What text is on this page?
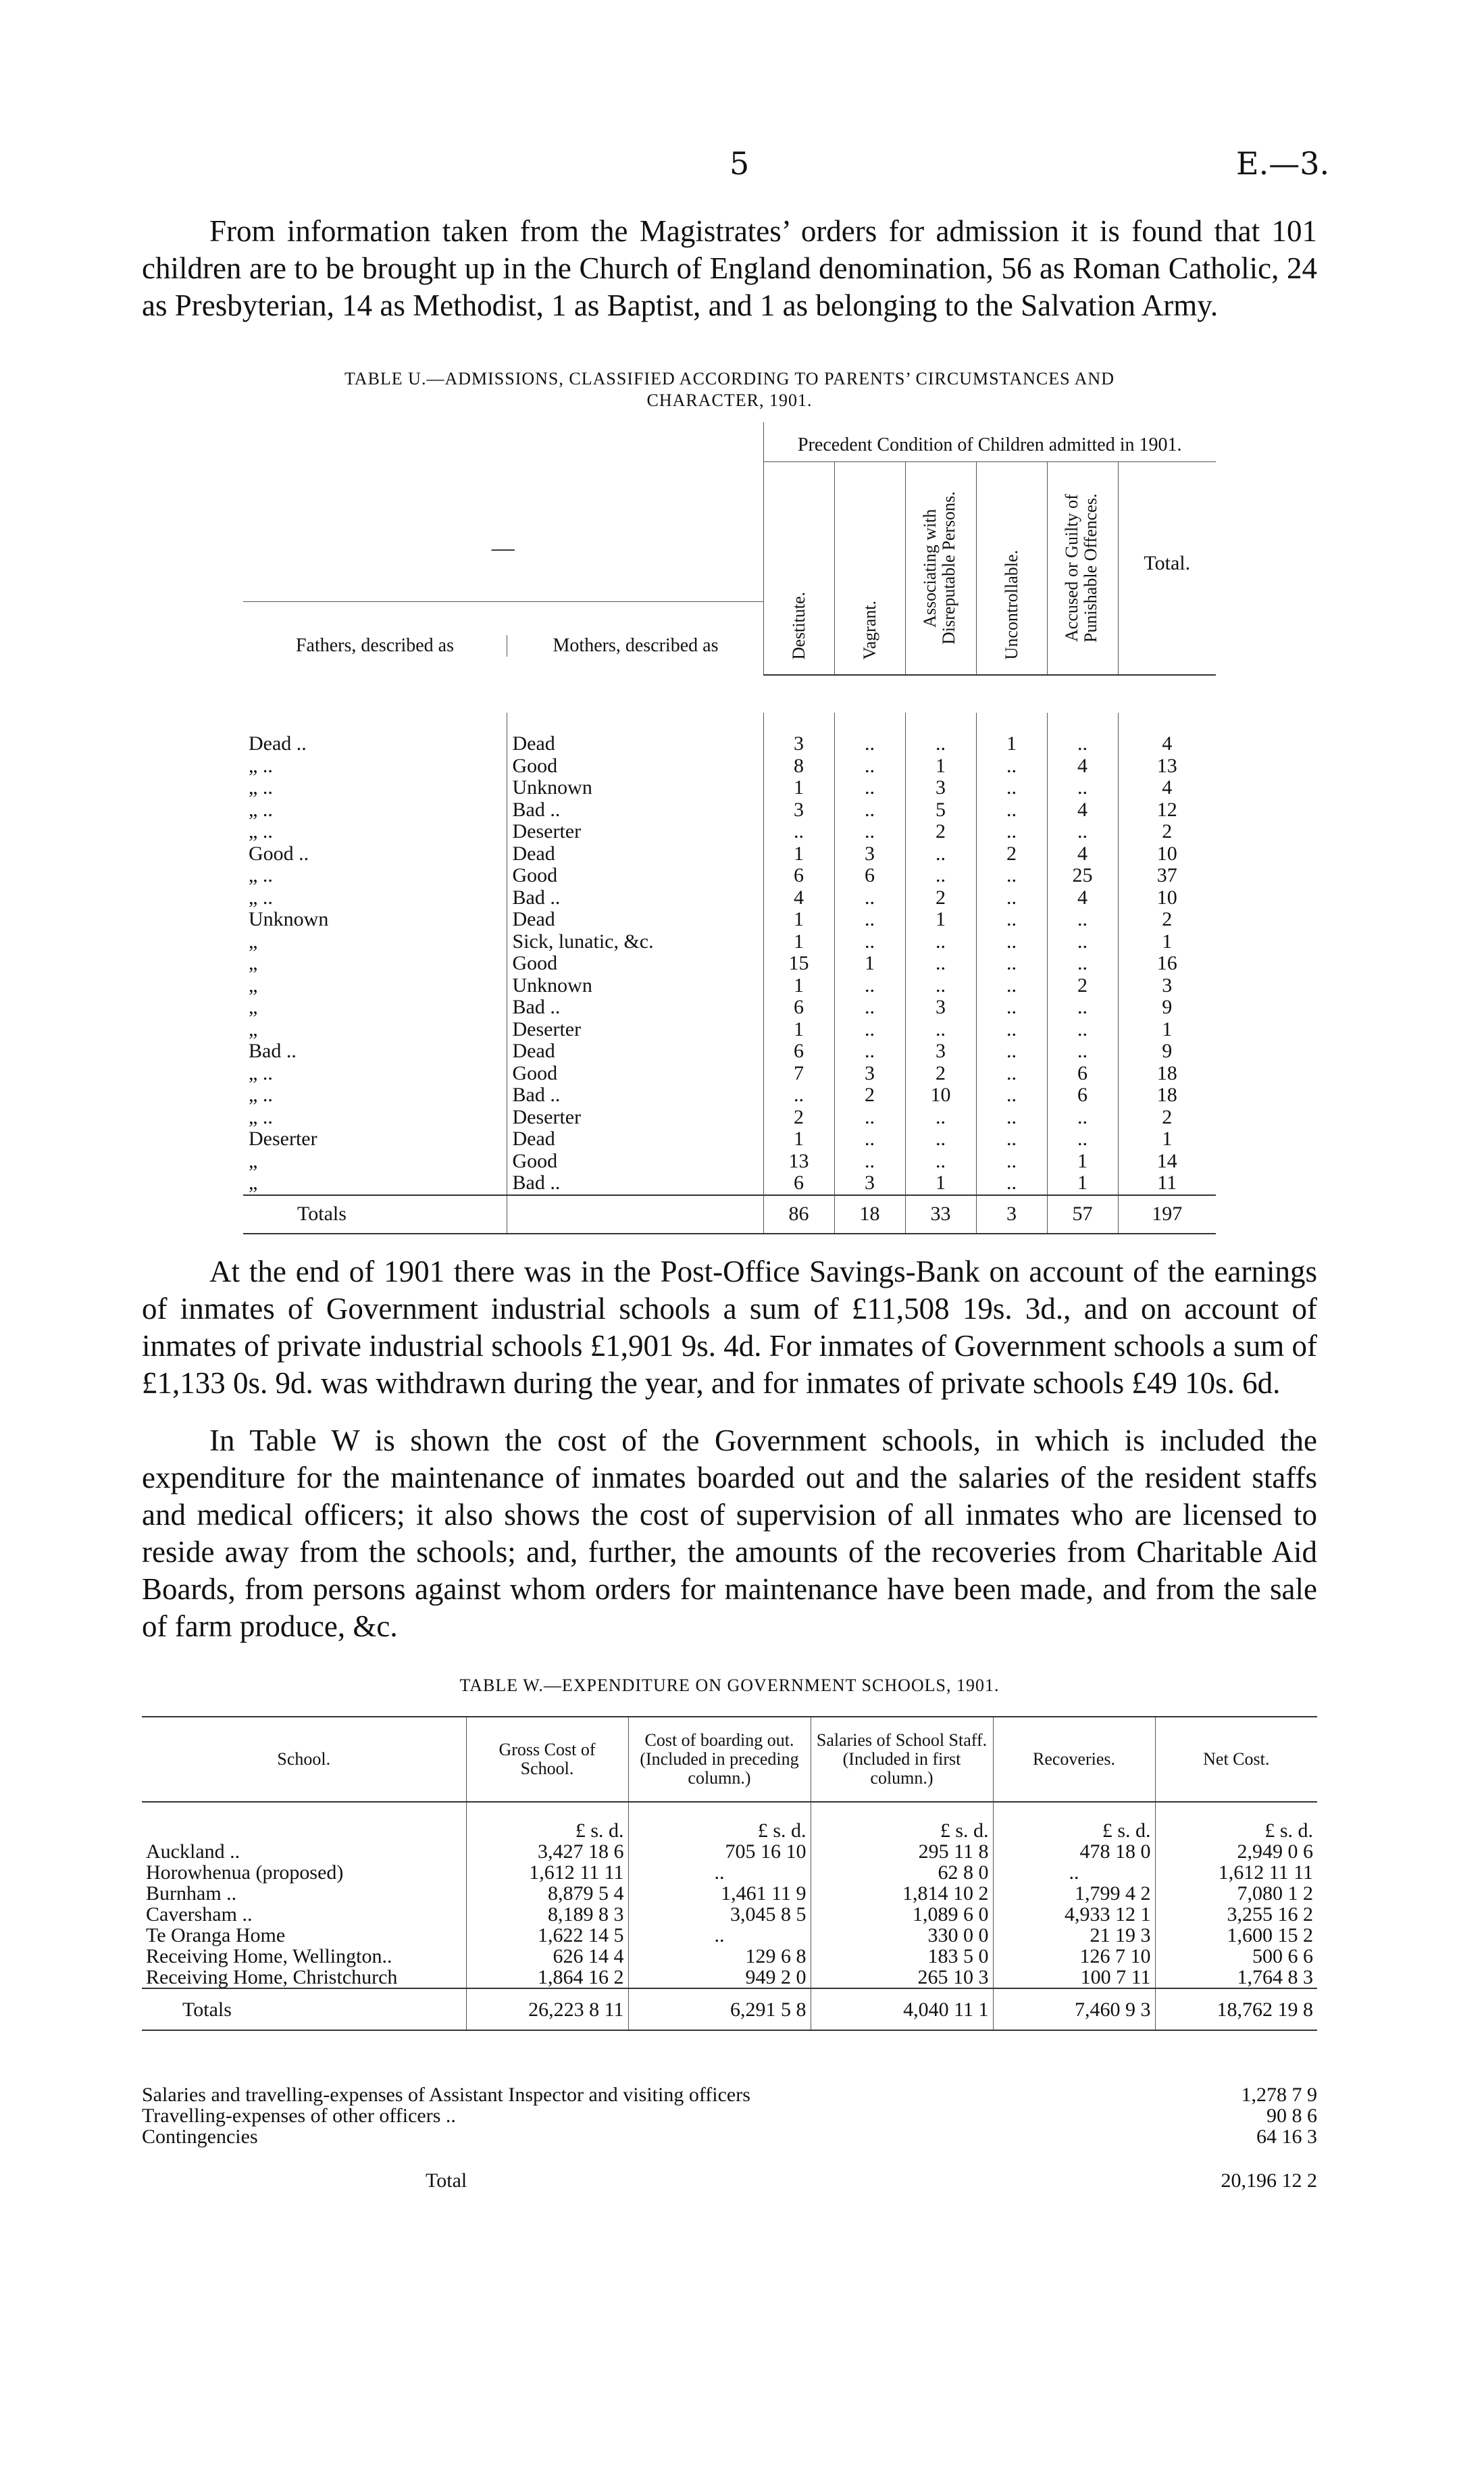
5	E.—3.
From information taken from the Magistrates’ orders for admission it is found that 101 children are to be brought up in the Church of England denomination, 56 as Roman Catholic, 24 as Presbyterian, 14 as Methodist, 1 as Baptist, and 1 as belonging to the Salvation Army.
TABLE U.—ADMISSIONS, CLASSIFIED ACCORDING TO PARENTS’ CIRCUMSTANCES AND
CHARACTER, 1901.
—	Precedent Condition of Children admitted in 1901.					
	Destitute.	Vagrant.	Associating with Disreputable Persons.	Uncontrollable.	Accused or Guilty of Punishable Offences.	Total.
Fathers, described as	Mothers, described as
Dead ..	Dead	3	..	..	1	..	4
„ ..	Good	8	..	1	..	4	13
„ ..	Unknown	1	..	3	..	..	4
„ ..	Bad ..	3	..	5	..	4	12
„ ..	Deserter	..	..	2	..	..	2
Good ..	Dead	1	3	..	2	4	10
„ ..	Good	6	6	..	..	25	37
„ ..	Bad ..	4	..	2	..	4	10
Unknown	Dead	1	..	1	..	..	2
„	Sick, lunatic, &c.	1	..	..	..	..	1
„	Good	15	1	..	..	..	16
„	Unknown	1	..	..	..	2	3
„	Bad ..	6	..	3	..	..	9
„	Deserter	1	..	..	..	..	1
Bad ..	Dead	6	..	3	..	..	9
„ ..	Good	7	3	2	..	6	18
„ ..	Bad ..	..	2	10	..	6	18
„ ..	Deserter	2	..	..	..	..	2
Deserter	Dead	1	..	..	..	..	1
„	Good	13	..	..	..	1	14
„	Bad ..	6	3	1	..	1	11
Totals		86	18	33	3	57	197
At the end of 1901 there was in the Post-Office Savings-Bank on account of the earnings of inmates of Government industrial schools a sum of £11,508 19s. 3d., and on account of inmates of private industrial schools £1,901 9s. 4d. For inmates of Government schools a sum of £1,133 0s. 9d. was withdrawn during the year, and for inmates of private schools £49 10s. 6d.
In Table W is shown the cost of the Government schools, in which is included the expenditure for the maintenance of inmates boarded out and the salaries of the resident staffs and medical officers; it also shows the cost of supervision of all inmates who are licensed to reside away from the schools; and, further, the amounts of the recoveries from Charitable Aid Boards, from persons against whom orders for maintenance have been made, and from the sale of farm produce, &c.
TABLE W.—EXPENDITURE ON GOVERNMENT SCHOOLS, 1901.
School.	Gross Cost of School.	Cost of boarding out. (Included in preceding column.)	Salaries of School Staff. (Included in first column.)	Recoveries.	Net Cost.
	£ s. d.	£ s. d.	£ s. d.	£ s. d.	£ s. d.
Auckland ..	3,427 18 6	705 16 10	295 11 8	478 18 0	2,949 0 6
Horowhenua (proposed)	1,612 11 11	..	62 8 0	..	1,612 11 11
Burnham ..	8,879 5 4	1,461 11 9	1,814 10 2	1,799 4 2	7,080 1 2
Caversham ..	8,189 8 3	3,045 8 5	1,089 6 0	4,933 12 1	3,255 16 2
Te Oranga Home	1,622 14 5	..	330 0 0	21 19 3	1,600 15 2
Receiving Home, Wellington..	626 14 4	129 6 8	183 5 0	126 7 10	500 6 6
Receiving Home, Christchurch	1,864 16 2	949 2 0	265 10 3	100 7 11	1,764 8 3
Totals	26,223 8 11	6,291 5 8	4,040 11 1	7,460 9 3	18,762 19 8
Salaries and travelling-expenses of Assistant Inspector and visiting officers	1,278 7 9
Travelling-expenses of other officers ..	90 8 6
Contingencies	64 16 3
Total	20,196 12 2
